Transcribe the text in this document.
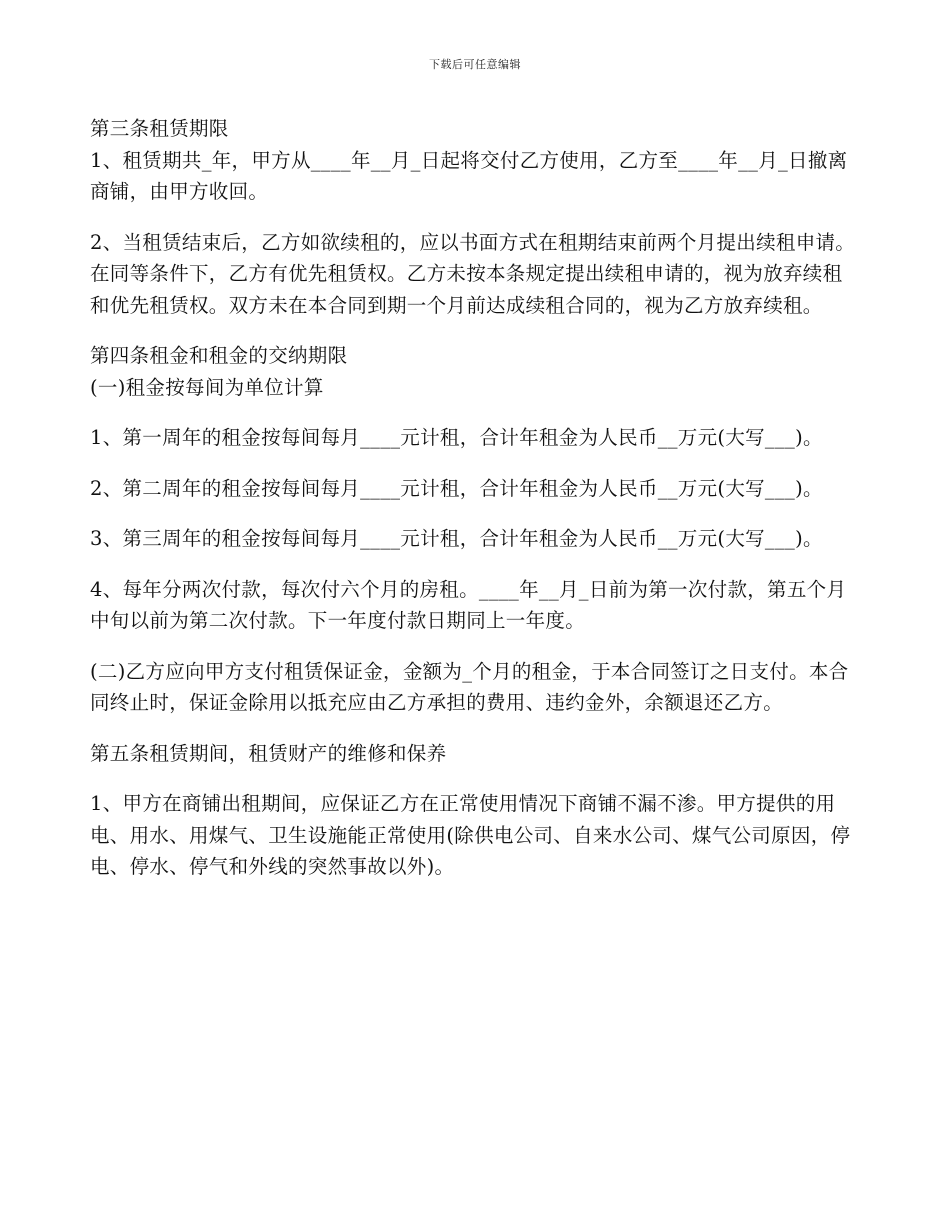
下载后可任意编辑

第三条租赁期限

1、租赁期共_年，甲方从____年__月_日起将交付乙方使用，乙方至____年__月_日撤离商铺，由甲方收回。

2、当租赁结束后，乙方如欲续租的，应以书面方式在租期结束前两个月提出续租申请。在同等条件下，乙方有优先租赁权。乙方未按本条规定提出续租申请的，视为放弃续租和优先租赁权。双方未在本合同到期一个月前达成续租合同的，视为乙方放弃续租。

第四条租金和租金的交纳期限

(一)租金按每间为单位计算

1、第一周年的租金按每间每月____元计租，合计年租金为人民币__万元(大写___)。

2、第二周年的租金按每间每月____元计租，合计年租金为人民币__万元(大写___)。

3、第三周年的租金按每间每月____元计租，合计年租金为人民币__万元(大写___)。

4、每年分两次付款，每次付六个月的房租。____年__月_日前为第一次付款，第五个月中旬以前为第二次付款。下一年度付款日期同上一年度。

(二)乙方应向甲方支付租赁保证金，金额为_个月的租金，于本合同签订之日支付。本合同终止时，保证金除用以抵充应由乙方承担的费用、违约金外，余额退还乙方。

第五条租赁期间，租赁财产的维修和保养

1、甲方在商铺出租期间，应保证乙方在正常使用情况下商铺不漏不渗。甲方提供的用电、用水、用煤气、卫生设施能正常使用(除供电公司、自来水公司、煤气公司原因，停电、停水、停气和外线的突然事故以外)。
